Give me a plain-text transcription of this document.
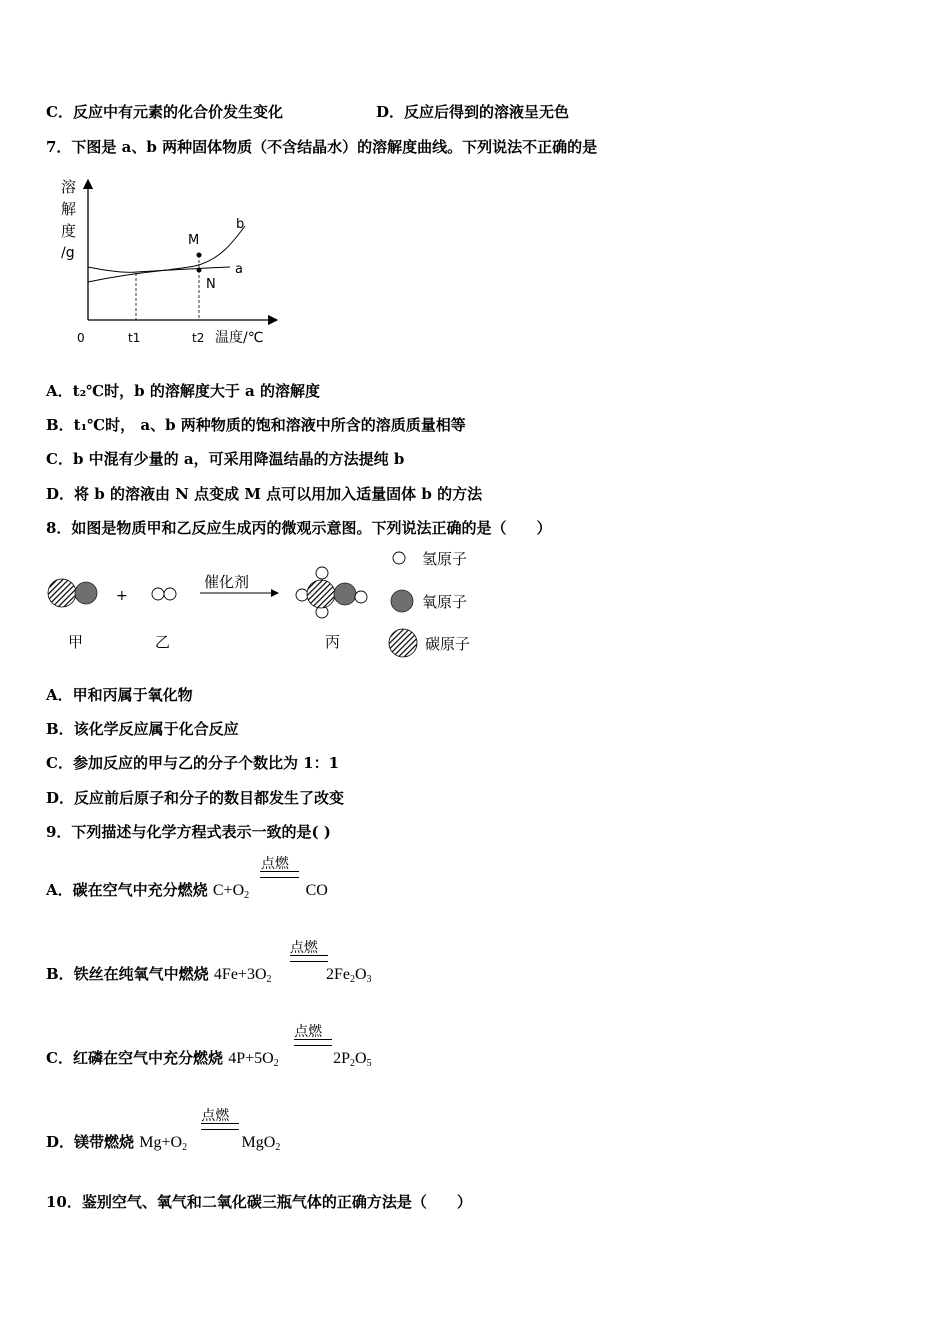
C．反应中有元素的化合价发生变化	D．反应后得到的溶液呈无色
7．下图是 a、b 两种固体物质（不含结晶水）的溶解度曲线。下列说法不正确的是
溶
解
度
/g
M
N
b
a
0	t1	t2 温度/℃
A．t₂℃时，b 的溶解度大于 a 的溶解度
B．t₁℃时， a、b 两种物质的饱和溶液中所含的溶质质量相等
C．b 中混有少量的 a，可采用降温结晶的方法提纯 b
D．将 b 的溶液由 N 点变成 M 点可以用加入适量固体 b 的方法
8．如图是物质甲和乙反应生成丙的微观示意图。下列说法正确的是（　　）
+
催化剂
甲	乙	丙
氢原子
氧原子
碳原子
A．甲和丙属于氧化物
B．该化学反应属于化合反应
C．参加反应的甲与乙的分子个数比为 1：1
D．反应前后原子和分子的数目都发生了改变
9．下列描述与化学方程式表示一致的是( )
A．碳在空气中充分燃烧 $C+O_2$	CO
点燃
B．铁丝在纯氧气中燃烧 $4Fe+3O_2$	$2Fe_2O_3$
点燃
C．红磷在空气中充分燃烧 $4P+5O_2$	$2P_2O_5$
点燃
D．镁带燃烧 $Mg+O_2$	MgO$_2$
点燃
10．鉴别空气、氧气和二氧化碳三瓶气体的正确方法是（　　）
